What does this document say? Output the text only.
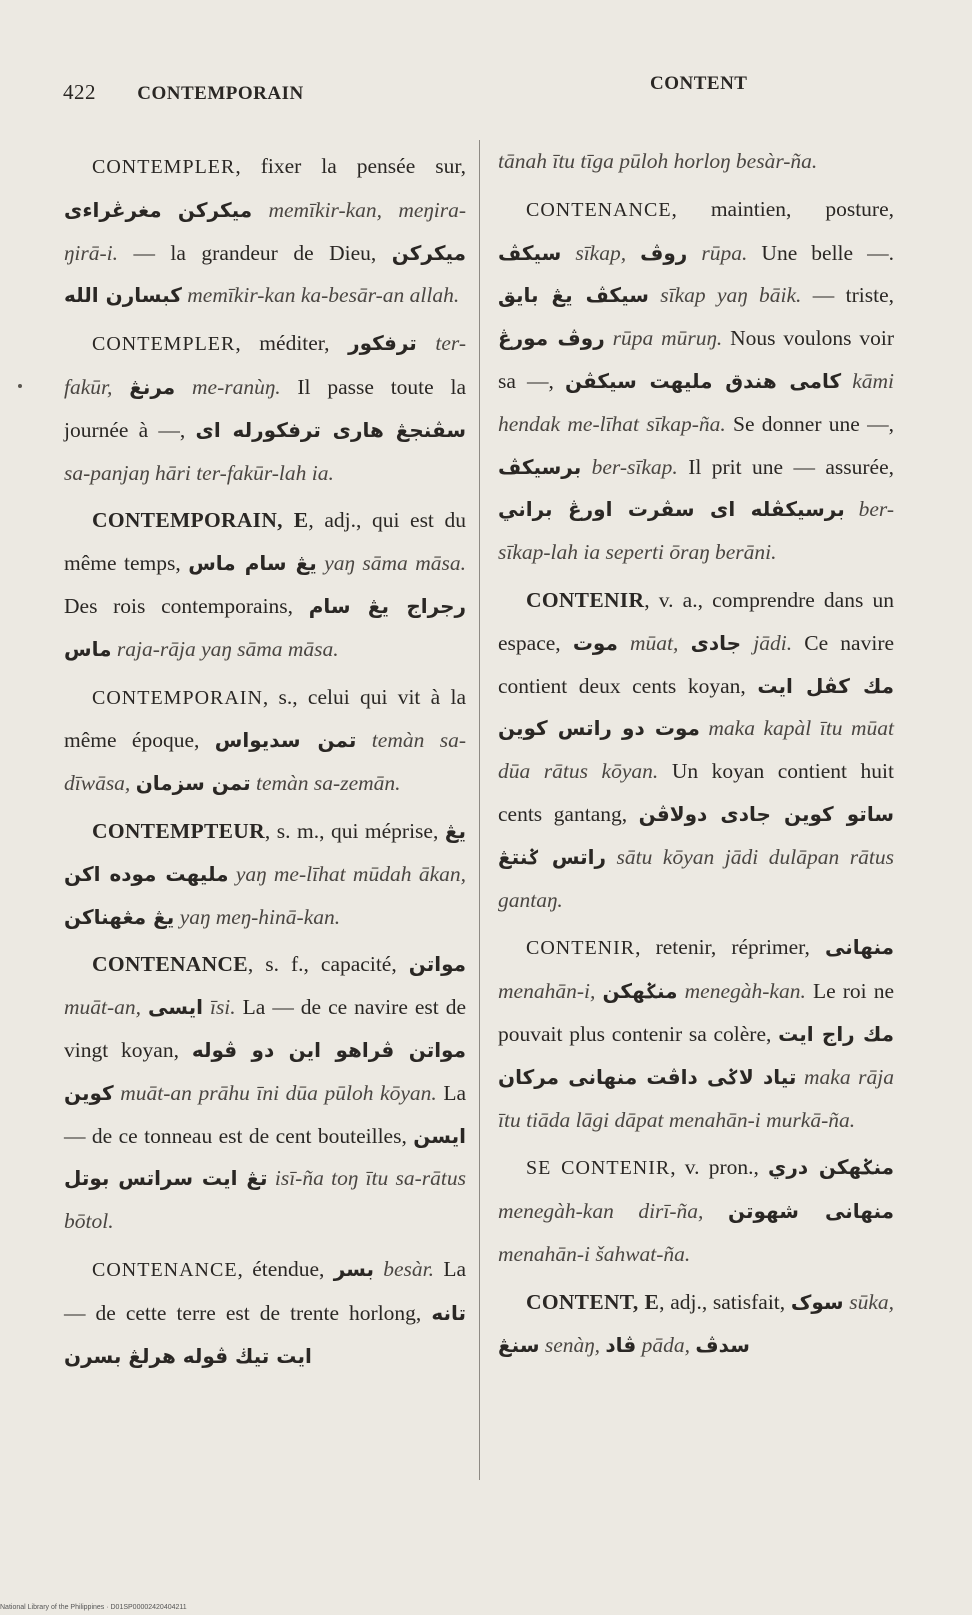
422 CONTEMPORAIN	CONTENT

CONTEMPLER, fixer la pensée sur, مغرڠراءى ميکرکن memīkir-kan, meŋira-ŋirā-i. — la grandeur de Dieu, ميکرکن کبسارن الله memīkir-kan ka-besār-an allah.

CONTEMPLER, méditer, ترفکور ter-fakūr, مرنڠ me-ranùŋ. Il passe toute la journée à —, سڤنجڠ هارى ترفکورله اى sa-panjaŋ hāri ter-fakūr-lah ia.

CONTEMPORAIN, E, adj., qui est du même temps, يڠ سام ماس yaŋ sāma māsa. Des rois contemporains, رجراج يڠ سام ماس raja-rāja yaŋ sāma māsa.

CONTEMPORAIN, s., celui qui vit à la même époque, تمن سديواس temàn sa-dīwāsa, تمن سزمان temàn sa-zemān.

CONTEMPTEUR, s. m., qui méprise, يڠ مليهت موده اکن yaŋ me-līhat mūdah ākan, يڠ مڠهناکن yaŋ meŋ-hinā-kan.

CONTENANCE, s. f., capacité, مواتن muāt-an, ايسى īsi. La — de ce navire est de vingt koyan, مواتن ڤراهو اين دو ڤوله کوين muāt-an prāhu īni dūa pūloh kōyan. La — de ce tonneau est de cent bouteilles, ايسن تڠ ايت سراتس بوتل isī-ña toŋ ītu sa-rātus bōtol.

CONTENANCE, étendue, بسر besàr. La — de cette terre est de trente horlong, تانه ايت تيڬ ڤوله هرلڠ بسرن

tānah ītu tīga pūloh horloŋ besàr-ña.

CONTENANCE, maintien, posture, سيکڤ sīkap, روڤ rūpa. Une belle —. سيکڤ يڠ بايق sīkap yaŋ bāik. — triste, روڤ مورڠ rūpa mūruŋ. Nous voulons voir sa —, کامى هندق مليهت سيکڤن kāmi hendak me-līhat sīkap-ña. Se donner une —, برسيکڤ ber-sīkap. Il prit une — assurée, برسيکڤله اى سڤرت اورڠ براني ber-sīkap-lah ia seperti ōraŋ berāni.

CONTENIR, v. a., comprendre dans un espace, موت mūat, جادى jādi. Ce navire contient deux cents koyan, مك کڤل ايت موت دو راتس کوين maka kapàl ītu mūat dūa rātus kōyan. Un koyan contient huit cents gantang, ساتو کوين جادى دولاڤن راتس ݢنتڠ sātu kōyan jādi dulāpan rātus gantaŋ.

CONTENIR, retenir, réprimer, منهانى menahān-i, منݢهکن menegàh-kan. Le roi ne pouvait plus contenir sa colère, مك راج ايت تياد لاݢى داڤت منهانى مرکان maka rāja ītu tiāda lāgi dāpat menahān-i murkā-ña.

SE CONTENIR, v. pron., منݢهکن دري menegàh-kan dirī-ña, منهانى شهوتن menahān-i šahwat-ña.

CONTENT, E, adj., satisfait, سوک sūka, سنڠ senàŋ, ڤاد pāda, سدڤ

National Library of the Philippines · D01SP00002420404211
